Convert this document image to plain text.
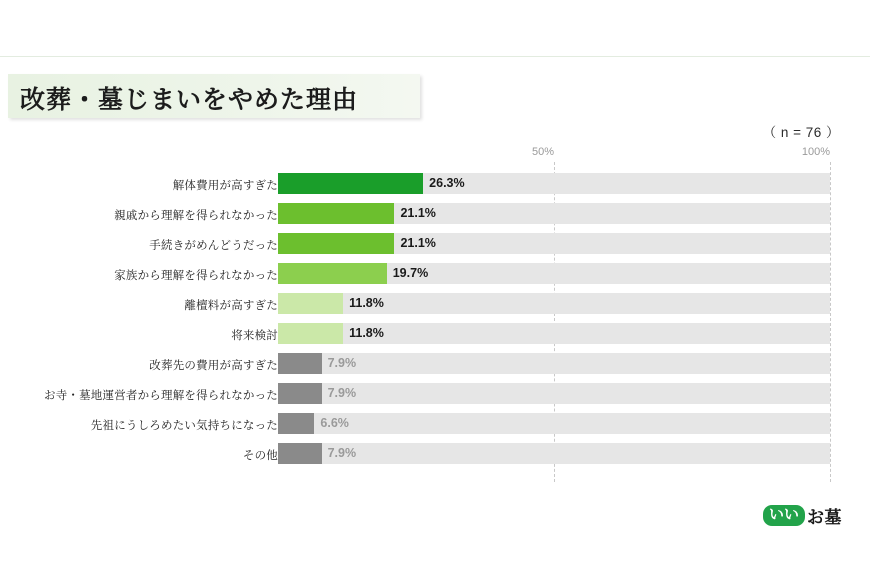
改葬・墓じまいをやめた理由
（ n = 76 ）
50%	100%
解体費用が高すぎた	26.3%
親戚から理解を得られなかった	21.1%
手続きがめんどうだった	21.1%
家族から理解を得られなかった	19.7%
離檀料が高すぎた	11.8%
将来検討	11.8%
改葬先の費用が高すぎた	7.9%
お寺・墓地運営者から理解を得られなかった	7.9%
先祖にうしろめたい気持ちになった	6.6%
その他	7.9%
いい お墓
